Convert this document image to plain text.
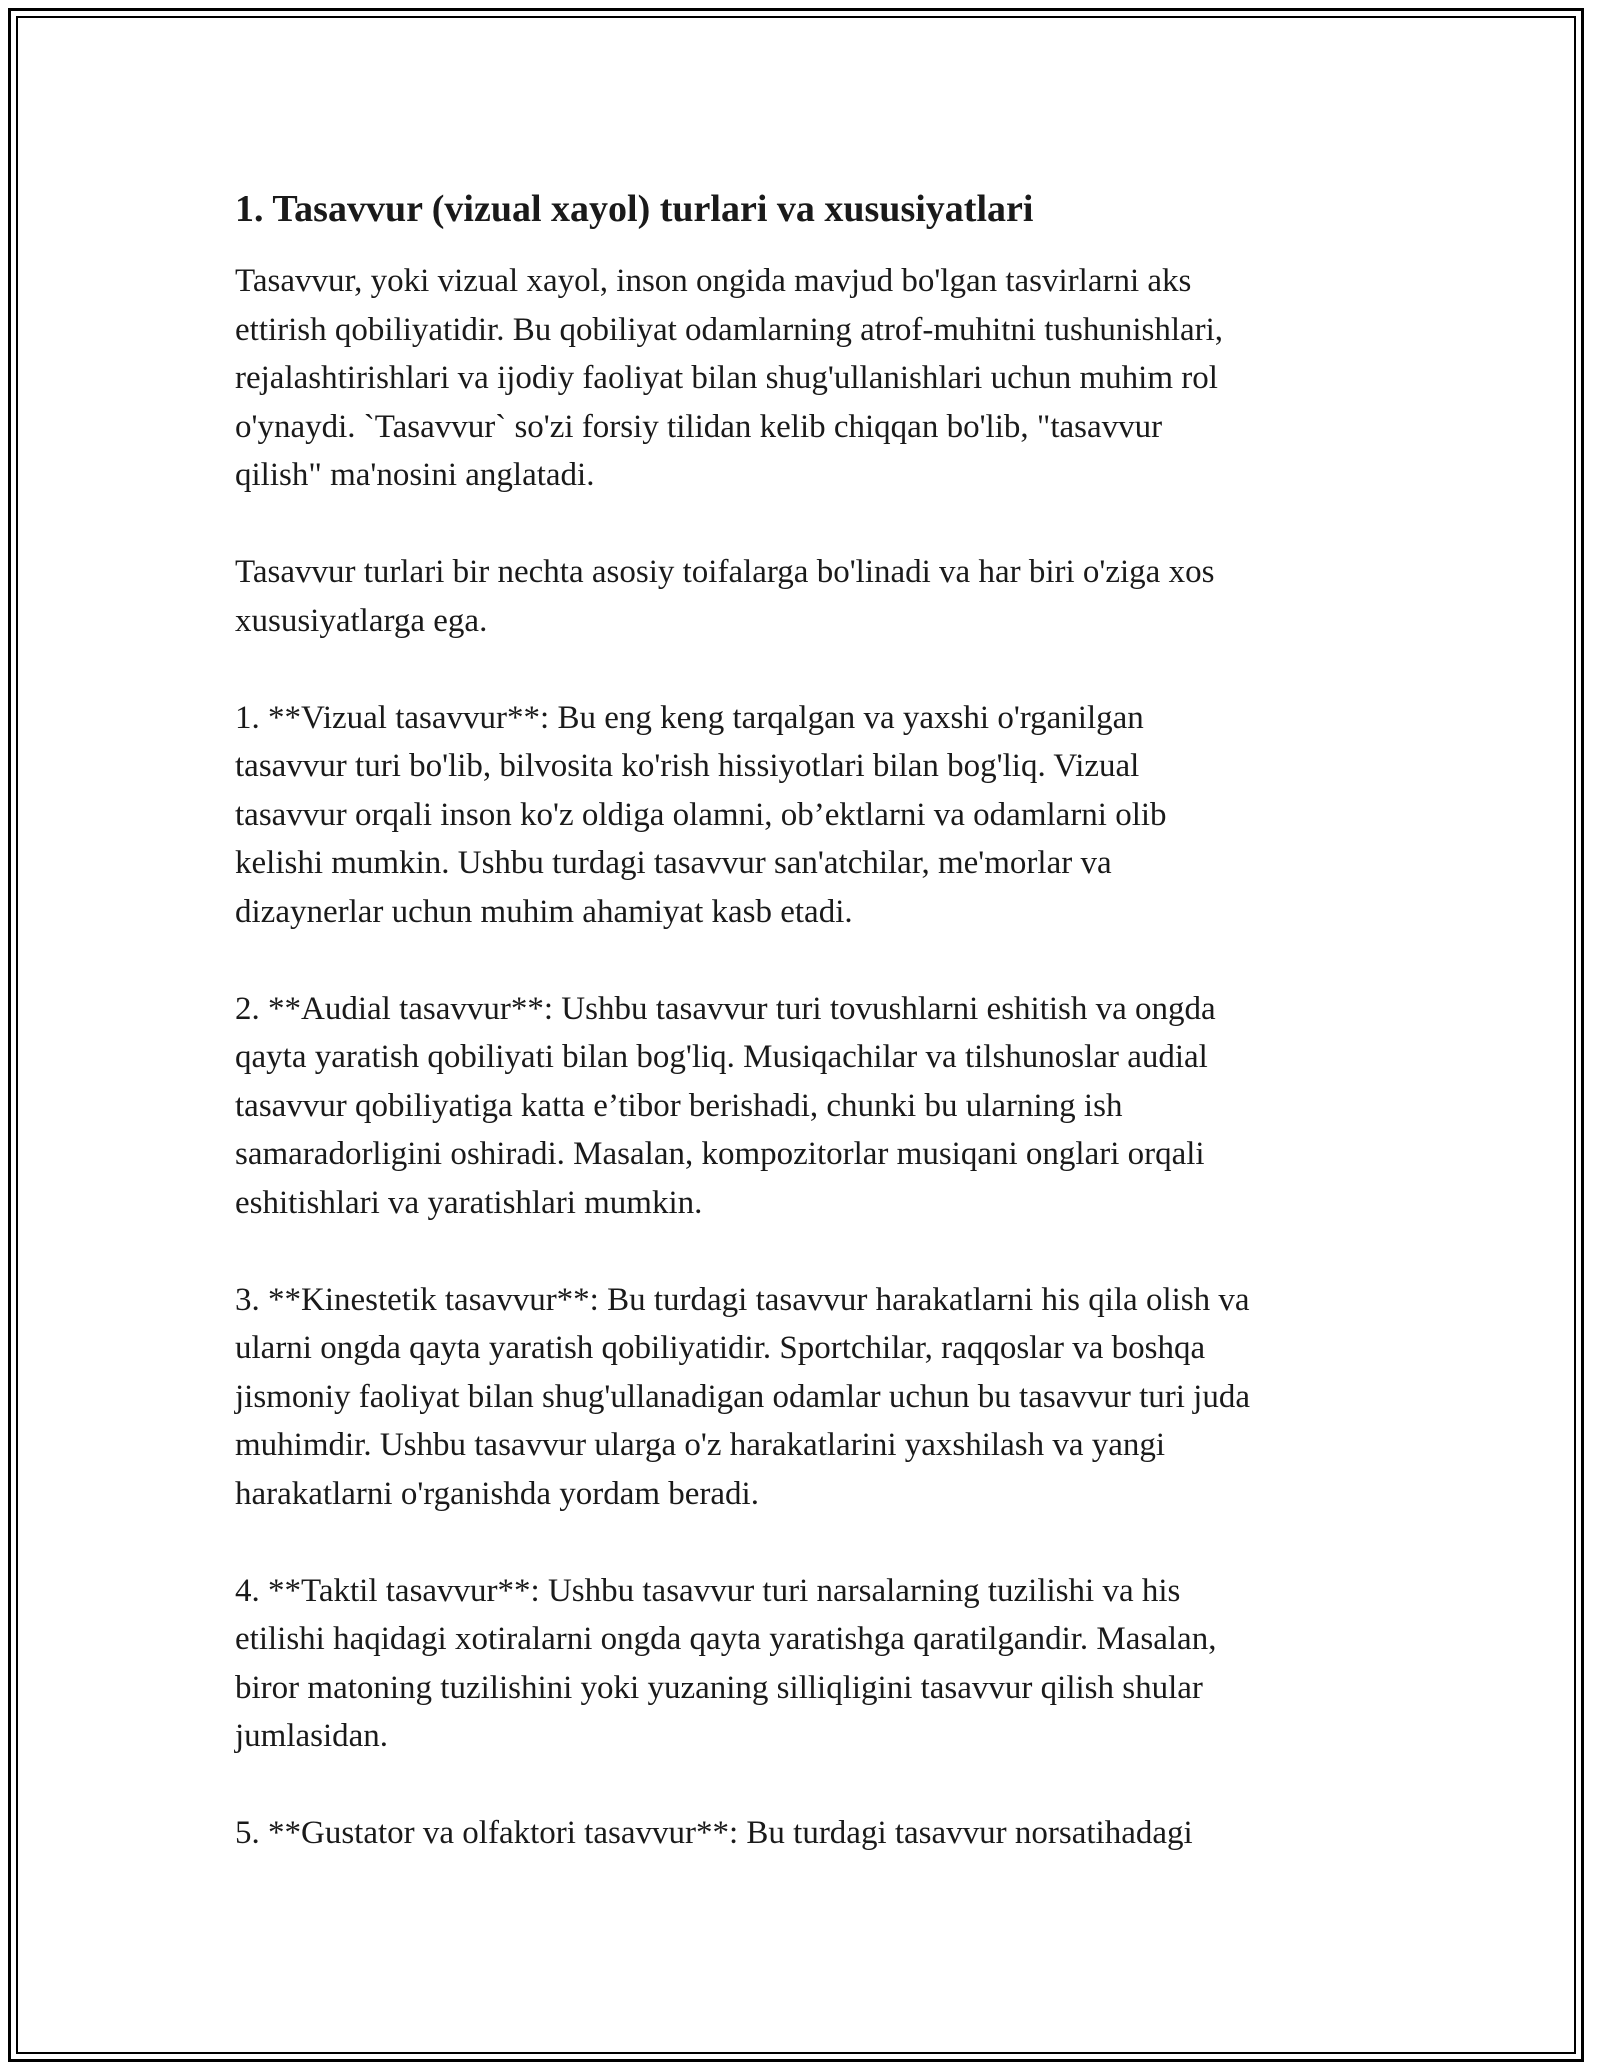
1. Tasavvur (vizual xayol) turlari va xususiyatlari

Tasavvur, yoki vizual xayol, inson ongida mavjud bo'lgan tasvirlarni aks
ettirish qobiliyatidir. Bu qobiliyat odamlarning atrof-muhitni tushunishlari,
rejalashtirishlari va ijodiy faoliyat bilan shug'ullanishlari uchun muhim rol
o'ynaydi. `Tasavvur` so'zi forsiy tilidan kelib chiqqan bo'lib, "tasavvur
qilish" ma'nosini anglatadi.

Tasavvur turlari bir nechta asosiy toifalarga bo'linadi va har biri o'ziga xos
xususiyatlarga ega.

1. **Vizual tasavvur**: Bu eng keng tarqalgan va yaxshi o'rganilgan
tasavvur turi bo'lib, bilvosita ko'rish hissiyotlari bilan bog'liq. Vizual
tasavvur orqali inson ko'z oldiga olamni, ob’ektlarni va odamlarni olib
kelishi mumkin. Ushbu turdagi tasavvur san'atchilar, me'morlar va
dizaynerlar uchun muhim ahamiyat kasb etadi.

2. **Audial tasavvur**: Ushbu tasavvur turi tovushlarni eshitish va ongda
qayta yaratish qobiliyati bilan bog'liq. Musiqachilar va tilshunoslar audial
tasavvur qobiliyatiga katta e’tibor berishadi, chunki bu ularning ish
samaradorligini oshiradi. Masalan, kompozitorlar musiqani onglari orqali
eshitishlari va yaratishlari mumkin.

3. **Kinestetik tasavvur**: Bu turdagi tasavvur harakatlarni his qila olish va
ularni ongda qayta yaratish qobiliyatidir. Sportchilar, raqqoslar va boshqa
jismoniy faoliyat bilan shug'ullanadigan odamlar uchun bu tasavvur turi juda
muhimdir. Ushbu tasavvur ularga o'z harakatlarini yaxshilash va yangi
harakatlarni o'rganishda yordam beradi.

4. **Taktil tasavvur**: Ushbu tasavvur turi narsalarning tuzilishi va his
etilishi haqidagi xotiralarni ongda qayta yaratishga qaratilgandir. Masalan,
biror matoning tuzilishini yoki yuzaning silliqligini tasavvur qilish shular
jumlasidan.

5. **Gustator va olfaktori tasavvur**: Bu turdagi tasavvur norsatihadagi
